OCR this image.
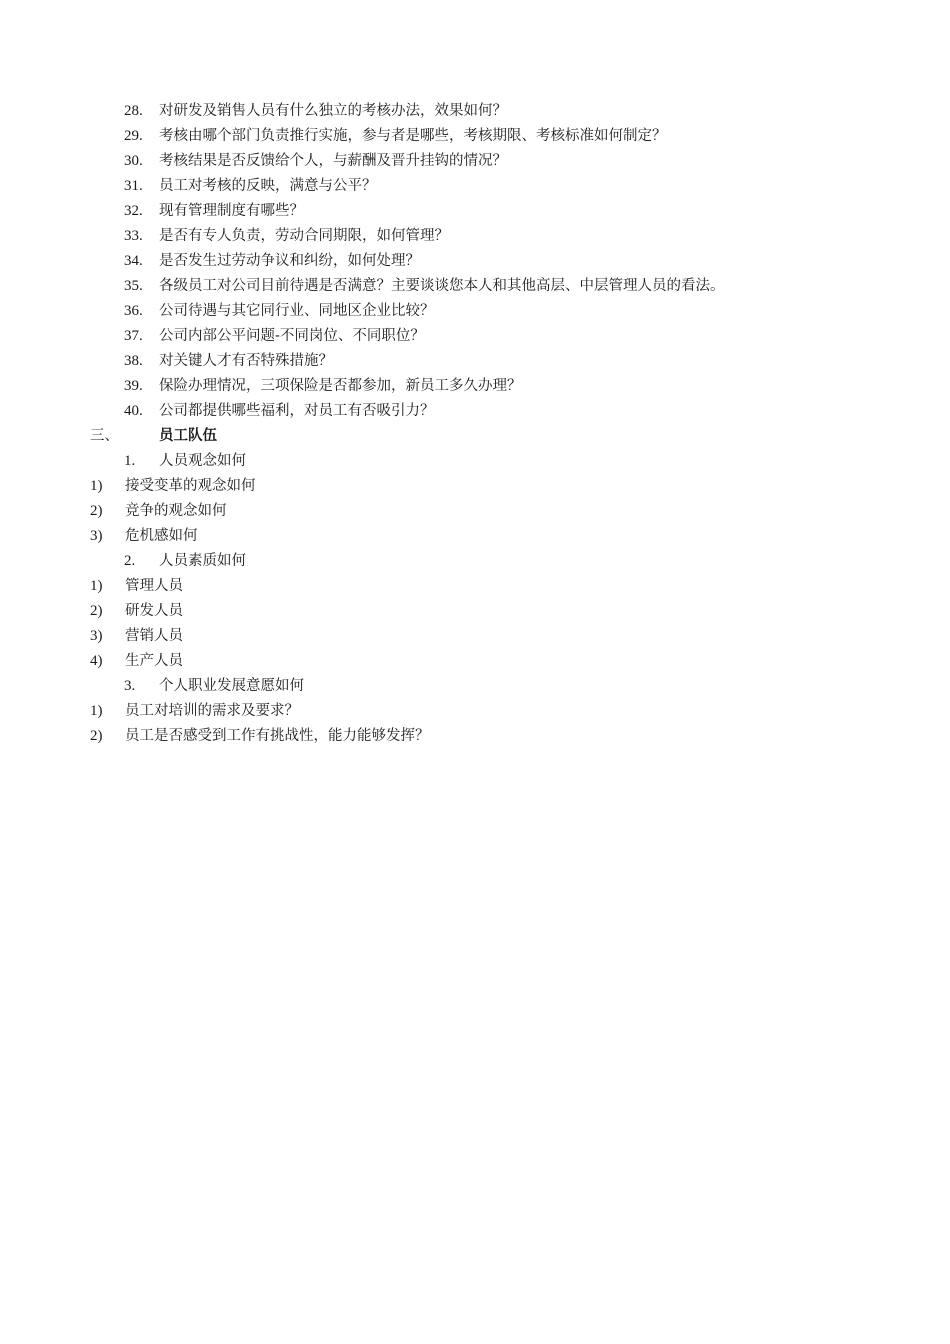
28. 对研发及销售人员有什么独立的考核办法，效果如何？
29. 考核由哪个部门负责推行实施，参与者是哪些，考核期限、考核标准如何制定？
30. 考核结果是否反馈给个人，与薪酬及晋升挂钩的情况？
31. 员工对考核的反映，满意与公平？
32. 现有管理制度有哪些？
33. 是否有专人负责，劳动合同期限，如何管理？
34. 是否发生过劳动争议和纠纷，如何处理？
35. 各级员工对公司目前待遇是否满意？主要谈谈您本人和其他高层、中层管理人员的看法。
36. 公司待遇与其它同行业、同地区企业比较？
37. 公司内部公平问题-不同岗位、不同职位？
38. 对关键人才有否特殊措施？
39. 保险办理情况，三项保险是否都参加，新员工多久办理？
40. 公司都提供哪些福利，对员工有否吸引力？
三、	员工队伍
1. 人员观念如何
1) 接受变革的观念如何
2) 竞争的观念如何
3) 危机感如何
2. 人员素质如何
1) 管理人员
2) 研发人员
3) 营销人员
4) 生产人员
3. 个人职业发展意愿如何
1) 员工对培训的需求及要求？
2) 员工是否感受到工作有挑战性，能力能够发挥？
